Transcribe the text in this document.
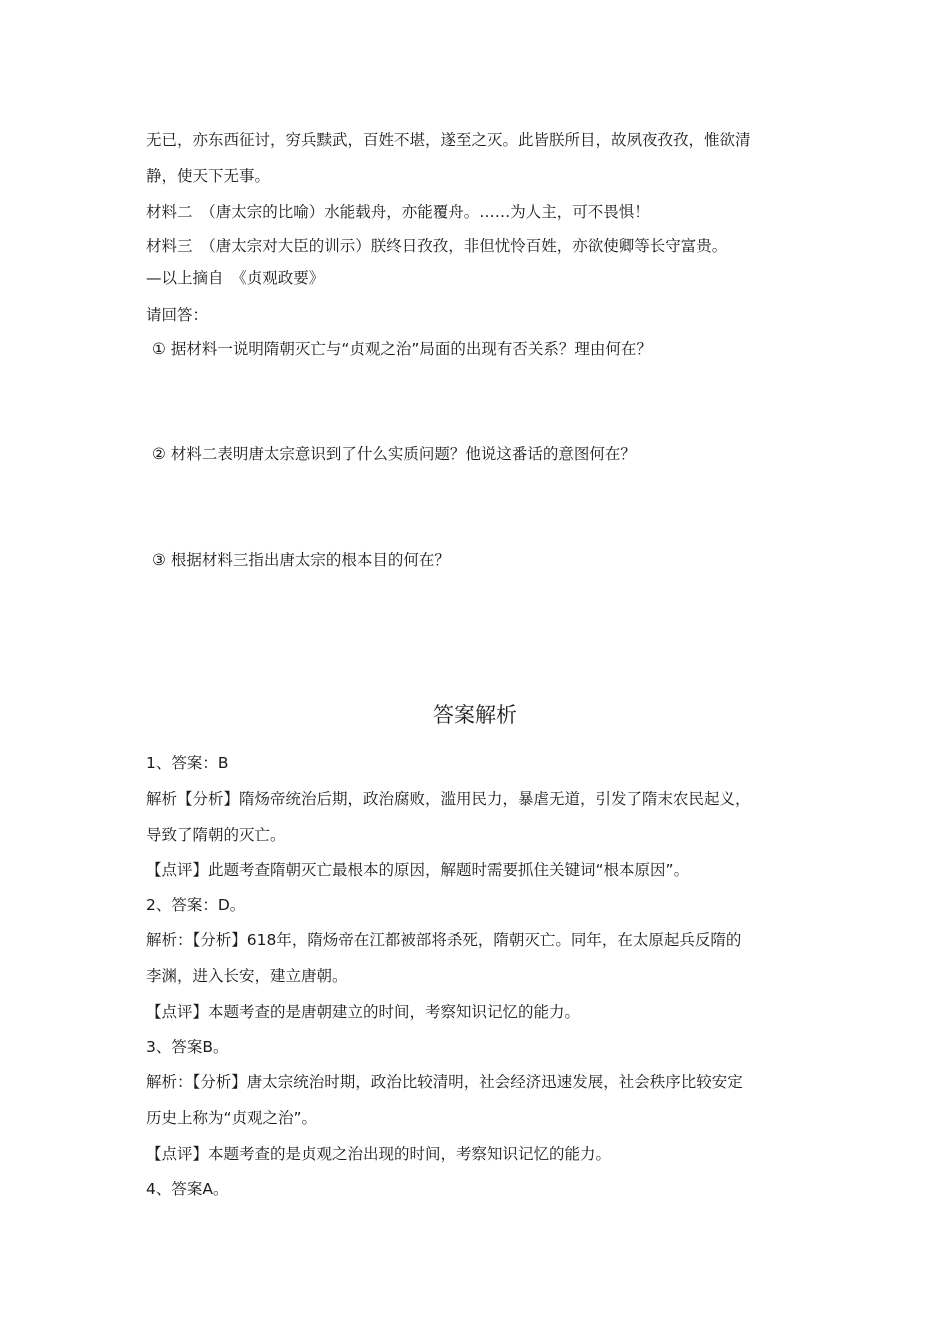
无已，亦东西征讨，穷兵黩武，百姓不堪，遂至之灭。此皆朕所目，故夙夜孜孜，惟欲清

静，使天下无事。

材料二　（唐太宗的比喻）水能载舟，亦能覆舟。……为人主，可不畏惧！

材料三　（唐太宗对大臣的训示）朕终日孜孜，非但忧怜百姓，亦欲使卿等长守富贵。

—以上摘自　《贞观政要》

请回答：

① 据材料一说明隋朝灭亡与“贞观之治”局面的出现有否关系？理由何在？

② 材料二表明唐太宗意识到了什么实质问题？他说这番话的意图何在？

③ 根据材料三指出唐太宗的根本目的何在？

答案解析

1、答案：B

解析【分析】隋炀帝统治后期，政治腐败，滥用民力，暴虐无道，引发了隋末农民起义，

导致了隋朝的灭亡。

【点评】此题考查隋朝灭亡最根本的原因，解题时需要抓住关键词“根本原因”。

2、答案：D。

解析：【分析】618年，隋炀帝在江都被部将杀死，隋朝灭亡。同年，在太原起兵反隋的

李渊，进入长安，建立唐朝。

【点评】本题考查的是唐朝建立的时间，考察知识记忆的能力。

3、答案B。

解析：【分析】唐太宗统治时期，政治比较清明，社会经济迅速发展，社会秩序比较安定

历史上称为“贞观之治”。

【点评】本题考查的是贞观之治出现的时间，考察知识记忆的能力。

4、答案A。
